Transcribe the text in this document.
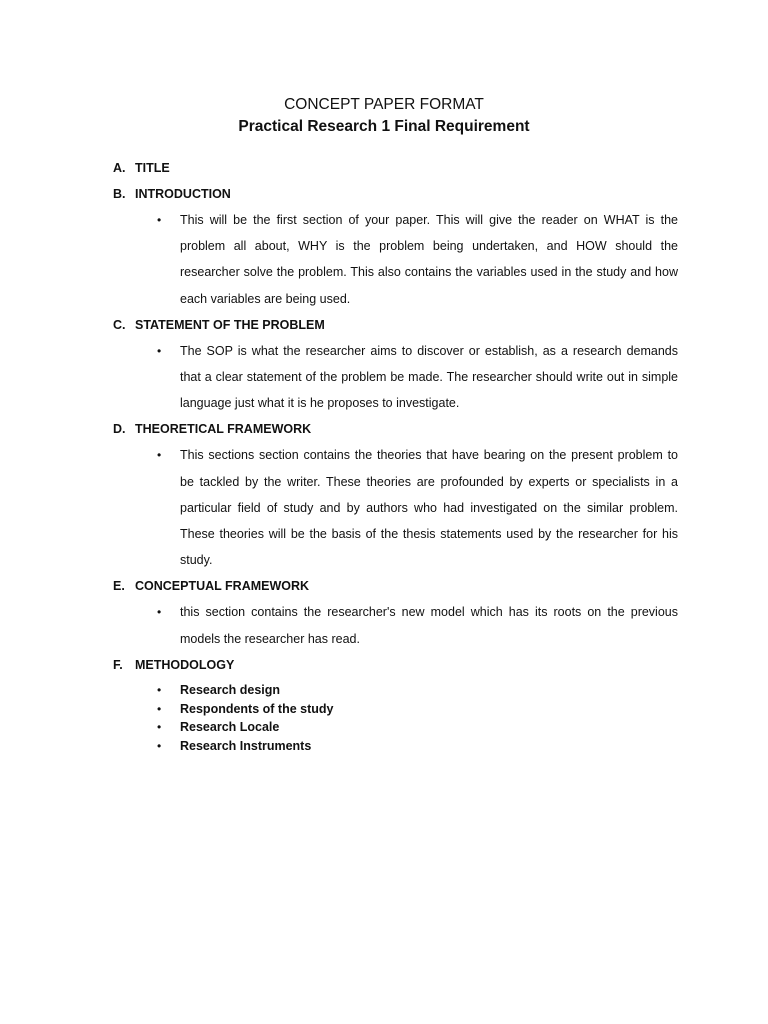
CONCEPT PAPER FORMAT
Practical Research 1 Final Requirement
A. TITLE
B. INTRODUCTION
• This will be the first section of your paper. This will give the reader on WHAT is the problem all about, WHY is the problem being undertaken, and HOW should the researcher solve the problem. This also contains the variables used in the study and how each variables are being used.
C. STATEMENT OF THE PROBLEM
• The SOP is what the researcher aims to discover or establish, as a research demands that a clear statement of the problem be made. The researcher should write out in simple language just what it is he proposes to investigate.
D. THEORETICAL FRAMEWORK
• This sections section contains the theories that have bearing on the present problem to be tackled by the writer. These theories are profounded by experts or specialists in a particular field of study and by authors who had investigated on the similar problem. These theories will be the basis of the thesis statements used by the researcher for his study.
E. CONCEPTUAL FRAMEWORK
• this section contains the researcher's new model which has its roots on the previous models the researcher has read.
F. METHODOLOGY
• Research design
• Respondents of the study
• Research Locale
• Research Instruments
